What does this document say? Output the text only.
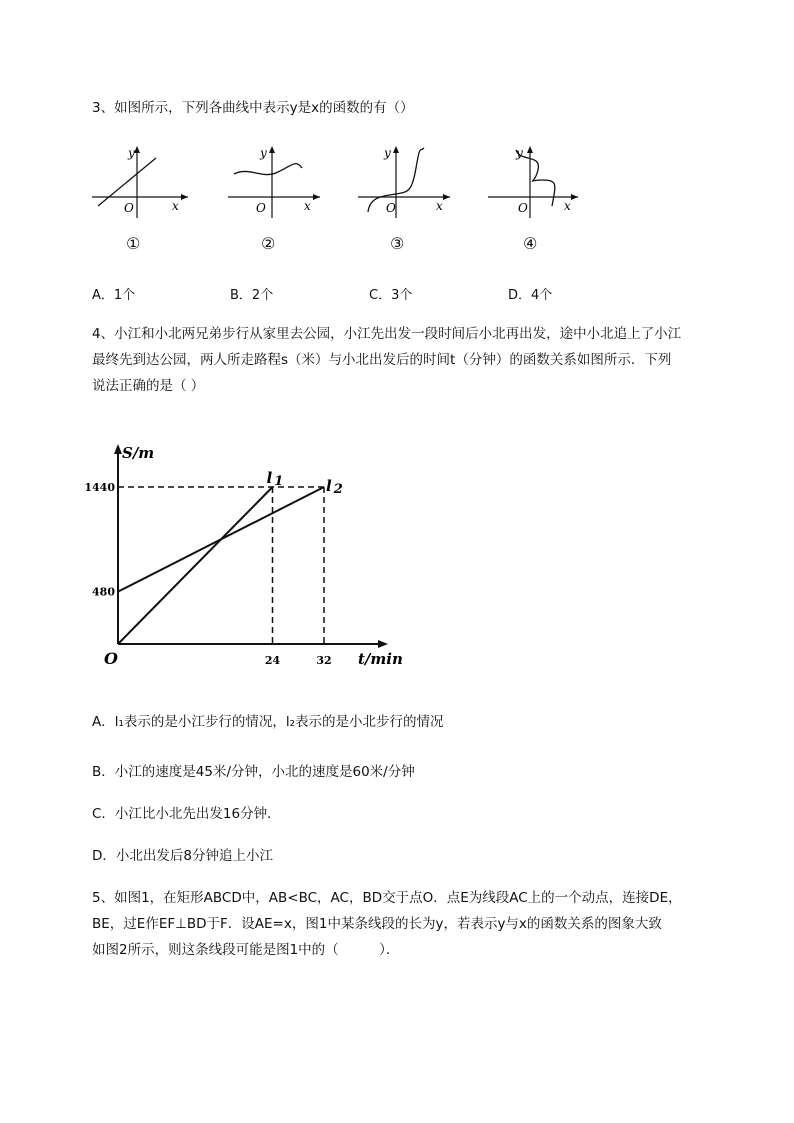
3、如图所示，下列各曲线中表示y是x的函数的有（）
y
x
O
①
y
x
O
②
y
x
O
③
y
x
O
④
A．1个	B．2个	C．3个	D．4个
4、小江和小北两兄弟步行从家里去公园，小江先出发一段时间后小北再出发，途中小北追上了小江
最终先到达公园，两人所走路程s（米）与小北出发后的时间t（分钟）的函数关系如图所示．下列
说法正确的是（ ）
l 1	l 2
24	32
480
1440
S/m
t/min
O
A．l₁表示的是小江步行的情况，l₂表示的是小北步行的情况
B．小江的速度是45米/分钟，小北的速度是60米/分钟
C．小江比小北先出发16分钟．
D．小北出发后8分钟追上小江
5、如图1，在矩形ABCD中，AB<BC，AC，BD交于点O．点E为线段AC上的一个动点，连接DE，
BE，过E作EF⊥BD于F．设AE=x，图1中某条线段的长为y，若表示y与x的函数关系的图象大致
如图2所示，则这条线段可能是图1中的（　　　）．
